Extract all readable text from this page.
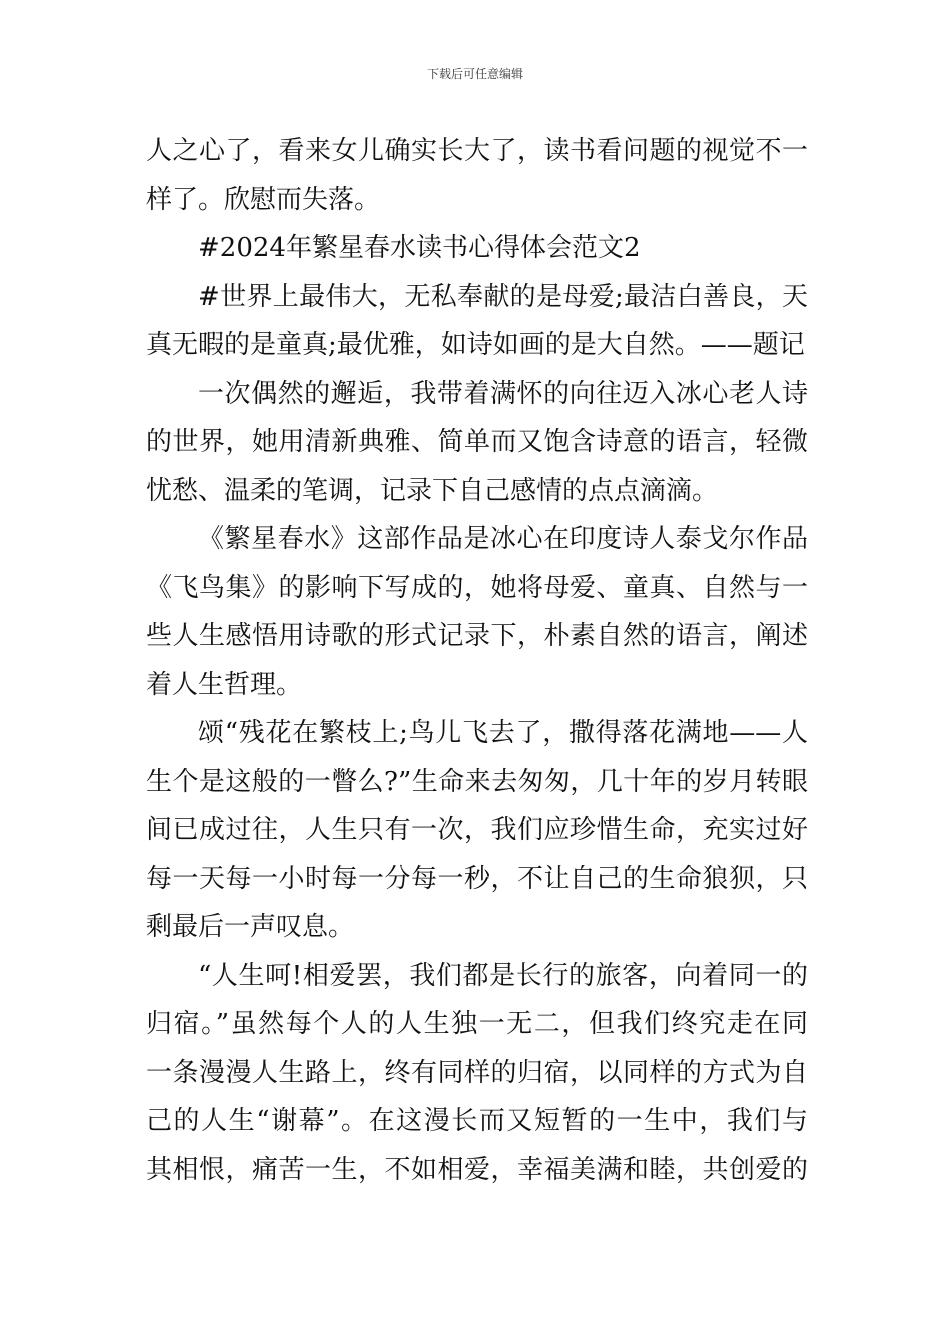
下载后可任意编辑
人之心了，看来女儿确实长大了，读书看问题的视觉不一
样了。欣慰而失落。
#2024年繁星春水读书心得体会范文2
#世界上最伟大，无私奉献的是母爱;最洁白善良，天
真无暇的是童真;最优雅，如诗如画的是大自然。——题记
一次偶然的邂逅，我带着满怀的向往迈入冰心老人诗
的世界，她用清新典雅、简单而又饱含诗意的语言，轻微
忧愁、温柔的笔调，记录下自己感情的点点滴滴。
《繁星春水》这部作品是冰心在印度诗人泰戈尔作品
《飞鸟集》的影响下写成的，她将母爱、童真、自然与一
些人生感悟用诗歌的形式记录下，朴素自然的语言，阐述
着人生哲理。
颂“残花在繁枝上;鸟儿飞去了，撒得落花满地——人
生个是这般的一瞥么?”生命来去匆匆，几十年的岁月转眼
间已成过往，人生只有一次，我们应珍惜生命，充实过好
每一天每一小时每一分每一秒，不让自己的生命狼狈，只
剩最后一声叹息。
“人生呵!相爱罢，我们都是长行的旅客，向着同一的
归宿。”虽然每个人的人生独一无二，但我们终究走在同
一条漫漫人生路上，终有同样的归宿，以同样的方式为自
己的人生“谢幕”。在这漫长而又短暂的一生中，我们与
其相恨，痛苦一生，不如相爱，幸福美满和睦，共创爱的
